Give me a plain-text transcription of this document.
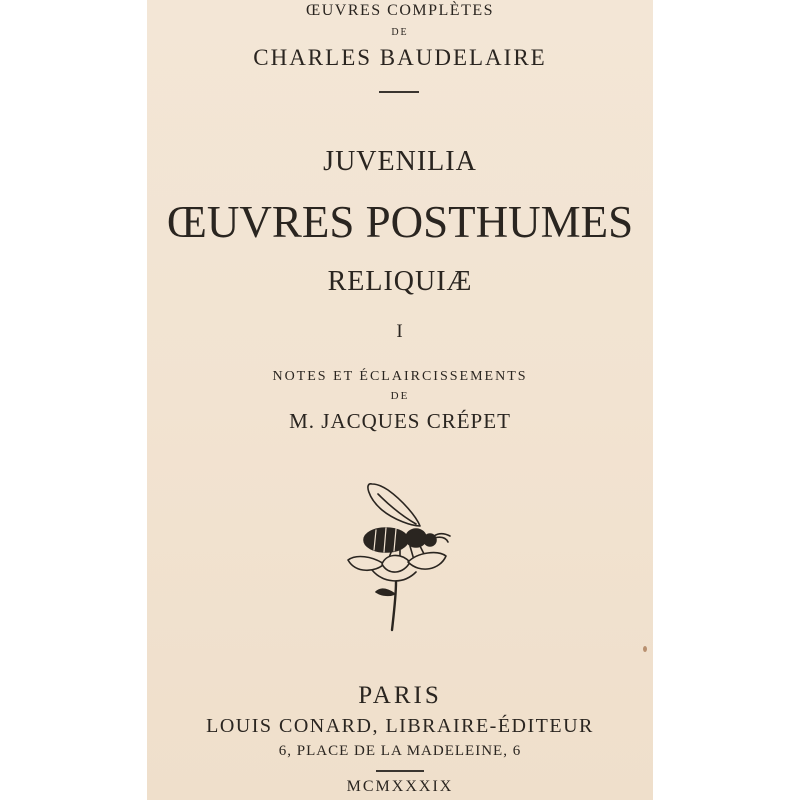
ŒUVRES COMPLÈTES
DE
CHARLES BAUDELAIRE
JUVENILIA
ŒUVRES POSTHUMES
RELIQUIÆ
I
NOTES ET ÉCLAIRCISSEMENTS
DE
M. JACQUES CRÉPET
PARIS
LOUIS CONARD, LIBRAIRE-ÉDITEUR
6, PLACE DE LA MADELEINE, 6
MCMXXXIX
